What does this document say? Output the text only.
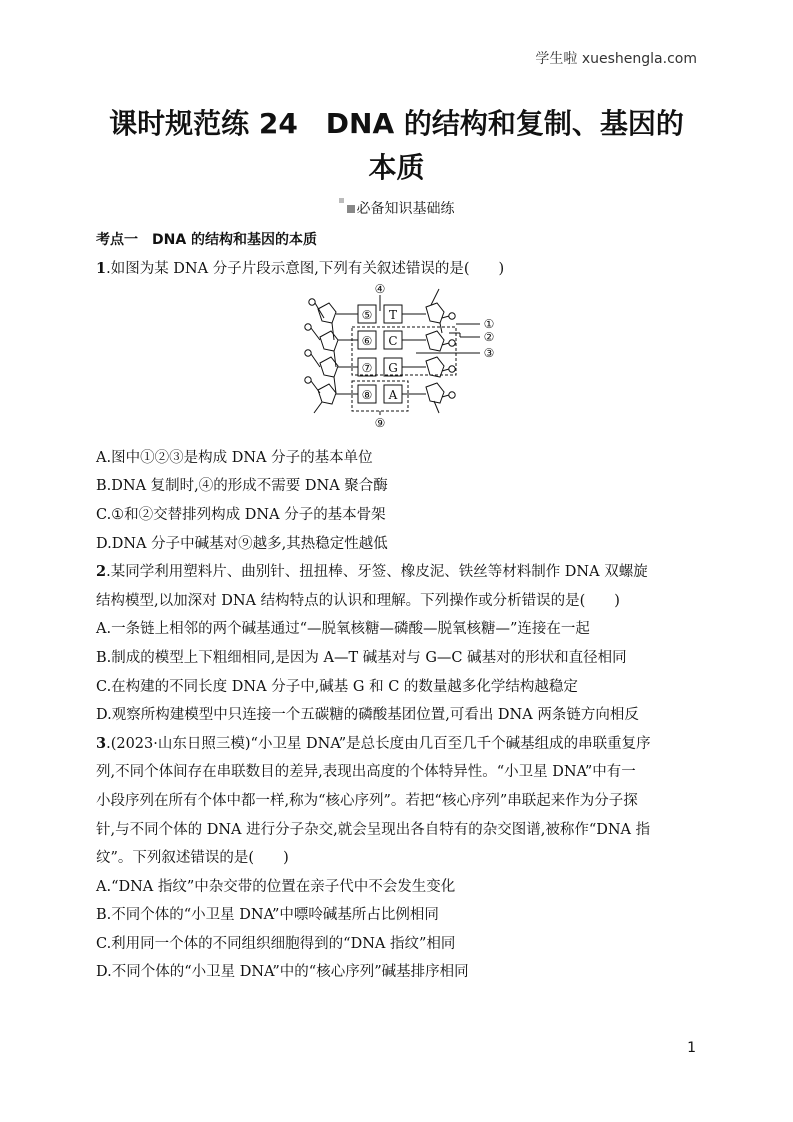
学生啦 xueshengla.com
课时规范练 24　DNA 的结构和复制、基因的
本质
必备知识基础练

考点一　DNA 的结构和基因的本质

1.如图为某 DNA 分子片段示意图,下列有关叙述错误的是(　　)

④
①
②
③
⑤
⑥
⑦
⑧
⑨
T
C
G
A

A.图中①②③是构成 DNA 分子的基本单位

B.DNA 复制时,④的形成不需要 DNA 聚合酶

C.①和②交替排列构成 DNA 分子的基本骨架

D.DNA 分子中碱基对⑨越多,其热稳定性越低

2.某同学利用塑料片、曲别针、扭扭棒、牙签、橡皮泥、铁丝等材料制作 DNA 双螺旋

结构模型,以加深对 DNA 结构特点的认识和理解。下列操作或分析错误的是(　　)

A.一条链上相邻的两个碱基通过“—脱氧核糖—磷酸—脱氧核糖—”连接在一起

B.制成的模型上下粗细相同,是因为 A—T 碱基对与 G—C 碱基对的形状和直径相同

C.在构建的不同长度 DNA 分子中,碱基 G 和 C 的数量越多化学结构越稳定

D.观察所构建模型中只连接一个五碳糖的磷酸基团位置,可看出 DNA 两条链方向相反

3.(2023·山东日照三模)“小卫星 DNA”是总长度由几百至几千个碱基组成的串联重复序

列,不同个体间存在串联数目的差异,表现出高度的个体特异性。“小卫星 DNA”中有一

小段序列在所有个体中都一样,称为“核心序列”。若把“核心序列”串联起来作为分子探

针,与不同个体的 DNA 进行分子杂交,就会呈现出各自特有的杂交图谱,被称作“DNA 指

纹”。下列叙述错误的是(　　)

A.“DNA 指纹”中杂交带的位置在亲子代中不会发生变化

B.不同个体的“小卫星 DNA”中嘌呤碱基所占比例相同

C.利用同一个体的不同组织细胞得到的“DNA 指纹”相同

D.不同个体的“小卫星 DNA”中的“核心序列”碱基排序相同

1
